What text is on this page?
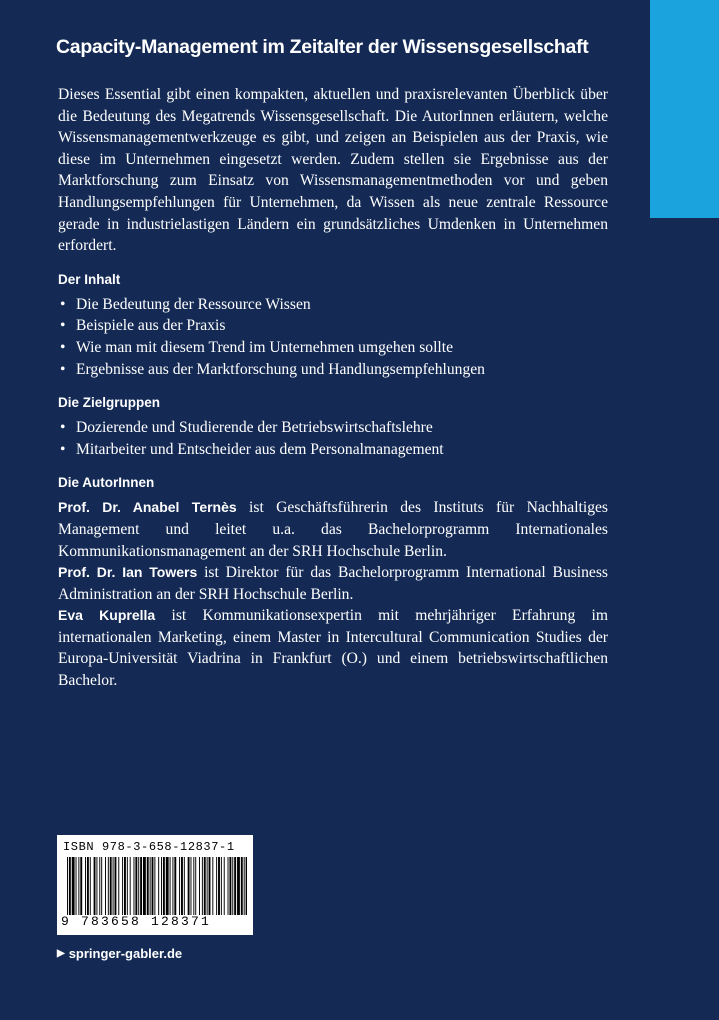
Capacity-Management im Zeitalter der Wissensgesellschaft

Dieses Essential gibt einen kompakten, aktuellen und praxisrelevanten Überblick über die Bedeutung des Megatrends Wissensgesellschaft. Die AutorInnen erläutern, welche Wissensmanagementwerkzeuge es gibt, und zeigen an Beispielen aus der Praxis, wie diese im Unternehmen eingesetzt werden. Zudem stellen sie Ergebnisse aus der Marktforschung zum Einsatz von Wissensmanagementmethoden vor und geben Handlungsempfehlungen für Unternehmen, da Wissen als neue zentrale Ressource gerade in industrielastigen Ländern ein grundsätzliches Umdenken in Unternehmen erfordert.

Der Inhalt
• Die Bedeutung der Ressource Wissen
• Beispiele aus der Praxis
• Wie man mit diesem Trend im Unternehmen umgehen sollte
• Ergebnisse aus der Marktforschung und Handlungsempfehlungen
Die Zielgruppen
• Dozierende und Studierende der Betriebswirtschaftslehre
• Mitarbeiter und Entscheider aus dem Personalmanagement
Die AutorInnen

Prof. Dr. Anabel Ternès ist Geschäftsführerin des Instituts für Nachhaltiges Management und leitet u.a. das Bachelorprogramm Internationales Kommunikationsmanagement an der SRH Hochschule Berlin.

Prof. Dr. Ian Towers ist Direktor für das Bachelorprogramm International Business Administration an der SRH Hochschule Berlin.

Eva Kuprella ist Kommunikationsexpertin mit mehrjähriger Erfahrung im internationalen Marketing, einem Master in Intercultural Communication Studies der Europa-Universität Viadrina in Frankfurt (O.) und einem betriebswirtschaftlichen Bachelor.

ISBN 978-3-658-12837-1
9 783658 128371
▶ springer-gabler.de
